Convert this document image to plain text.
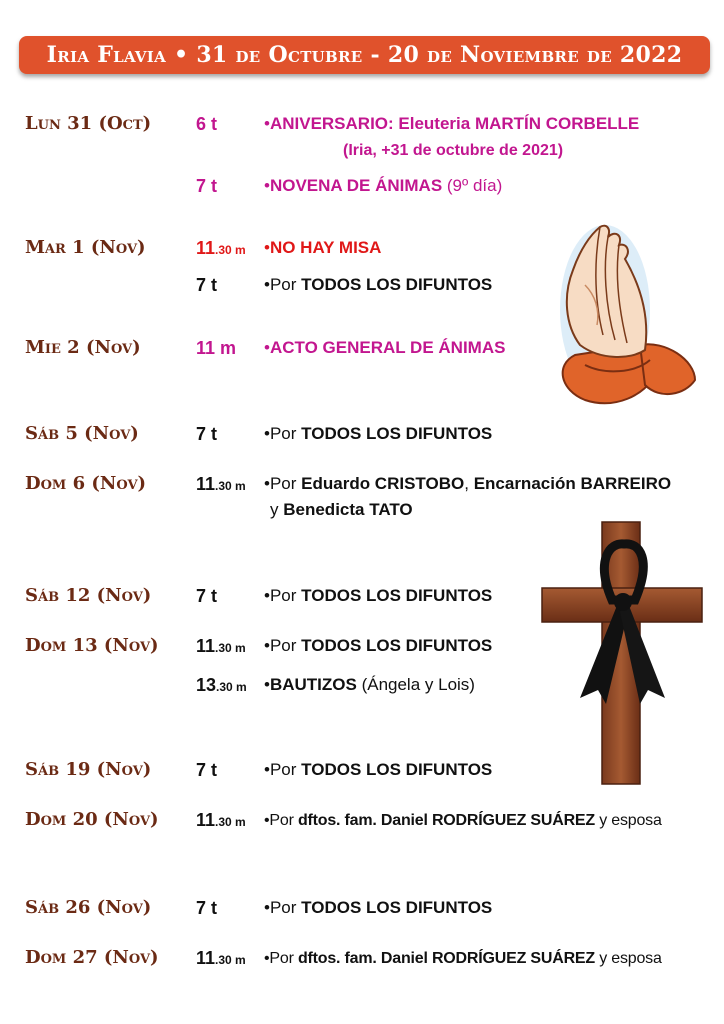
Iria Flavia • 31 de Octubre - 20 de Noviembre de 2022
Lun 31 (Oct) 6 t	•ANIVERSARIO: Eleuteria MARTÍN CORBELLE
(Iria, +31 de octubre de 2021)
7 t	•NOVENA DE ÁNIMAS (9º día)
Mar 1 (Nov)	11.30 m •NO HAY MISA
7 t	•Por TODOS LOS DIFUNTOS
Mie 2 (Nov)	11 m •ACTO GENERAL DE ÁNIMAS
Sáb 5 (Nov)	7 t	•Por TODOS LOS DIFUNTOS
Dom 6 (Nov)	11.30 m •Por Eduardo CRISTOBO, Encarnación BARREIRO
y Benedicta TATO
Sáb 12 (Nov) 7 t	•Por TODOS LOS DIFUNTOS
Dom 13 (Nov) 11.30 m •Por TODOS LOS DIFUNTOS
13.30 m •BAUTIZOS (Ángela y Lois)
Sáb 19 (Nov) 7 t	•Por TODOS LOS DIFUNTOS
Dom 20 (Nov) 11.30 m •Por dftos. fam. Daniel RODRÍGUEZ SUÁREZ y esposa
Sáb 26 (Nov) 7 t	•Por TODOS LOS DIFUNTOS
Dom 27 (Nov) 11.30 m •Por dftos. fam. Daniel RODRÍGUEZ SUÁREZ y esposa
